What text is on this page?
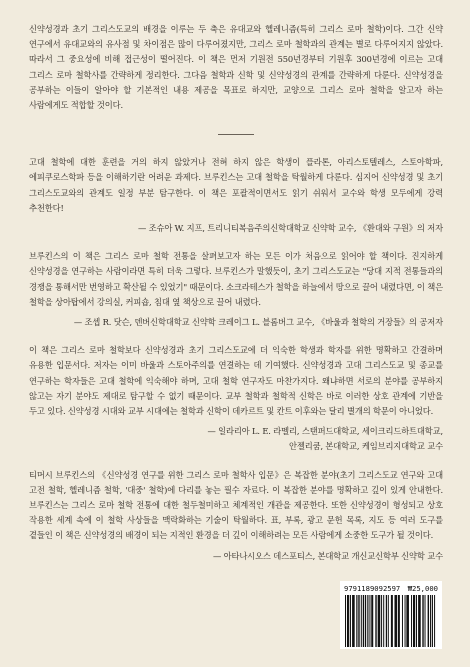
신약성경과 초기 그리스도교의 배경을 이루는 두 축은 유대교와 헬레니즘(특히 그리스 로마 철학)이다. 그간 신약 연구에서 유대교와의 유사점 및 차이점은 많이 다루어졌지만, 그리스 로마 철학과의 관계는 별로 다루어지지 않았다. 따라서 그 중요성에 비해 접근성이 떨어진다. 이 책은 먼저 기원전 550년경부터 기원후 300년경에 이르는 고대 그리스 로마 철학사를 간략하게 정리한다. 그다음 철학과 신학 및 신약성경의 관계를 간략하게 다룬다. 신약성경을 공부하는 이들이 알아야 할 기본적인 내용 제공을 목표로 하지만, 교양으로 그리스 로마 철학을 알고자 하는 사람에게도 적합할 것이다.

고대 철학에 대한 훈련을 거의 하지 않았거나 전혀 하지 않은 학생이 플라톤, 아리스토텔레스, 스토아학파, 에피쿠로스학파 등을 이해하기란 어려운 과제다. 브루킨스는 고대 철학을 탁월하게 다룬다. 심지어 신약성경 및 초기 그리스도교와의 관계도 일정 부분 탐구한다. 이 책은 포괄적이면서도 읽기 쉬워서 교수와 학생 모두에게 강력 추천한다!

— 조슈아 W. 지프, 트리니티복음주의신학대학교 신약학 교수, 《환대와 구원》의 저자

브루킨스의 이 책은 그리스 로마 철학 전통을 살펴보고자 하는 모든 이가 처음으로 읽어야 할 책이다. 진지하게 신약성경을 연구하는 사람이라면 특히 더욱 그렇다. 브루킨스가 말했듯이, 초기 그리스도교는 "당대 지적 전통들과의 경쟁을 통해서만 번영하고 확산될 수 있었기" 때문이다. 소크라테스가 철학을 하늘에서 땅으로 끌어 내렸다면, 이 책은 철학을 상아탑에서 강의실, 커피숍, 침대 옆 책상으로 끌어 내렸다.

— 조셉 R. 닷슨, 덴버신학대학교 신약학 크레이그 L. 블롬버그 교수, 《바울과 철학의 거장들》의 공저자

이 책은 그리스 로마 철학보다 신약성경과 초기 그리스도교에 더 익숙한 학생과 학자를 위한 명확하고 간결하며 유용한 입문서다. 저자는 이미 바울과 스토아주의를 연결하는 데 기여했다. 신약성경과 고대 그리스도교 및 종교를 연구하는 학자들은 고대 철학에 익숙해야 하며, 고대 철학 연구자도 마찬가지다. 왜냐하면 서로의 분야를 공부하지 않고는 자기 분야도 제대로 탐구할 수 없기 때문이다. 교부 철학과 철학적 신학은 바로 이러한 상호 관계에 기반을 두고 있다. 신약성경 시대와 교부 시대에는 철학과 신학이 데카르트 및 칸트 이후와는 달리 별개의 학문이 아니었다.

— 일라리아 L. E. 라멜리, 스탠퍼드대학교, 세이크리드하트대학교,
안젤리쿰, 본대학교, 케임브리지대학교 교수

티머시 브루킨스의 《신약성경 연구를 위한 그리스 로마 철학사 입문》은 복잡한 분야(초기 그리스도교 연구와 고대 고전 철학, 헬레니즘 철학, '대중' 철학)에 다리를 놓는 필수 자료다. 이 복잡한 분야를 명확하고 깊이 있게 안내한다. 브루킨스는 그리스 로마 철학 전통에 대한 철두철미하고 체계적인 개관을 제공한다. 또한 신약성경이 형성되고 상호 작용한 세계 속에 이 철학 사상들을 맥락화하는 기술이 탁월하다. 표, 부록, 광고 문헌 목록, 지도 등 여러 도구를 곁들인 이 책은 신약성경의 배경이 되는 지적인 환경을 더 깊이 이해하려는 모든 사람에게 소중한 도구가 될 것이다.

— 아타나시오스 데스포티스, 본대학교 개신교신학부 신약학 교수

9791189092597 ₩25,000
